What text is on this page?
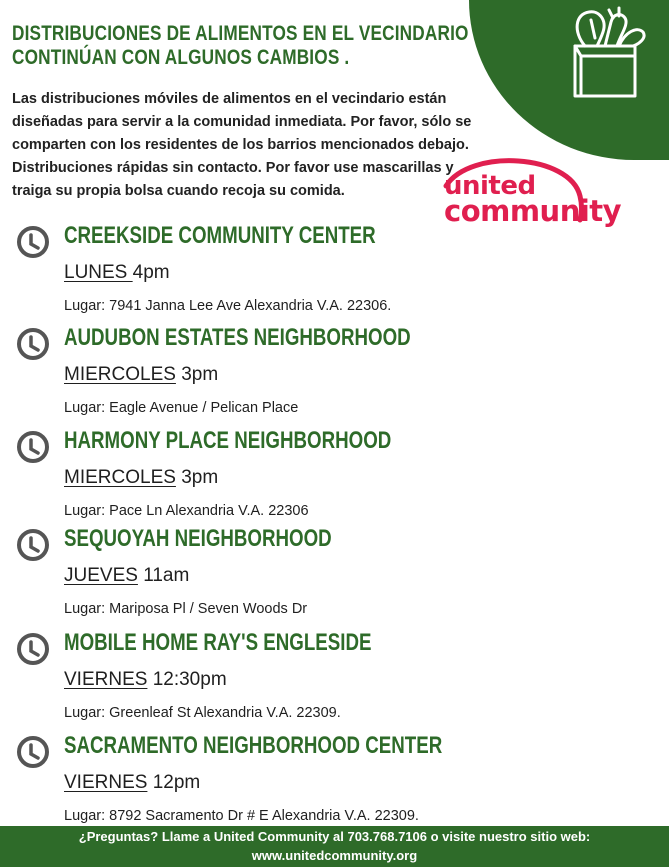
DISTRIBUCIONES DE ALIMENTOS EN EL VECINDARIO CONTINÚAN CON ALGUNOS CAMBIOS .
Las distribuciones móviles de alimentos en el vecindario están diseñadas para servir a la comunidad inmediata. Por favor, sólo se comparten con los residentes de los barrios mencionados debajo. Distribuciones rápidas sin contacto. Por favor use mascarillas y traiga su propia bolsa cuando recoja su comida.	united
community
CREEKSIDE COMMUNITY CENTER
LUNES 4pm
Lugar: 7941 Janna Lee Ave Alexandria V.A. 22306.
AUDUBON ESTATES NEIGHBORHOOD
MIERCOLES 3pm
Lugar: Eagle Avenue / Pelican Place
HARMONY PLACE NEIGHBORHOOD
MIERCOLES 3pm
Lugar: Pace Ln Alexandria V.A. 22306
SEQUOYAH NEIGHBORHOOD
JUEVES 11am
Lugar: Mariposa Pl / Seven Woods Dr
MOBILE HOME RAY'S ENGLESIDE
VIERNES 12:30pm
Lugar: Greenleaf St Alexandria V.A. 22309.
SACRAMENTO NEIGHBORHOOD CENTER
VIERNES 12pm
Lugar: 8792 Sacramento Dr # E Alexandria V.A. 22309.
¿Preguntas? Llame a United Community al 703.768.7106 o visite nuestro sitio web:
www.unitedcommunity.org
